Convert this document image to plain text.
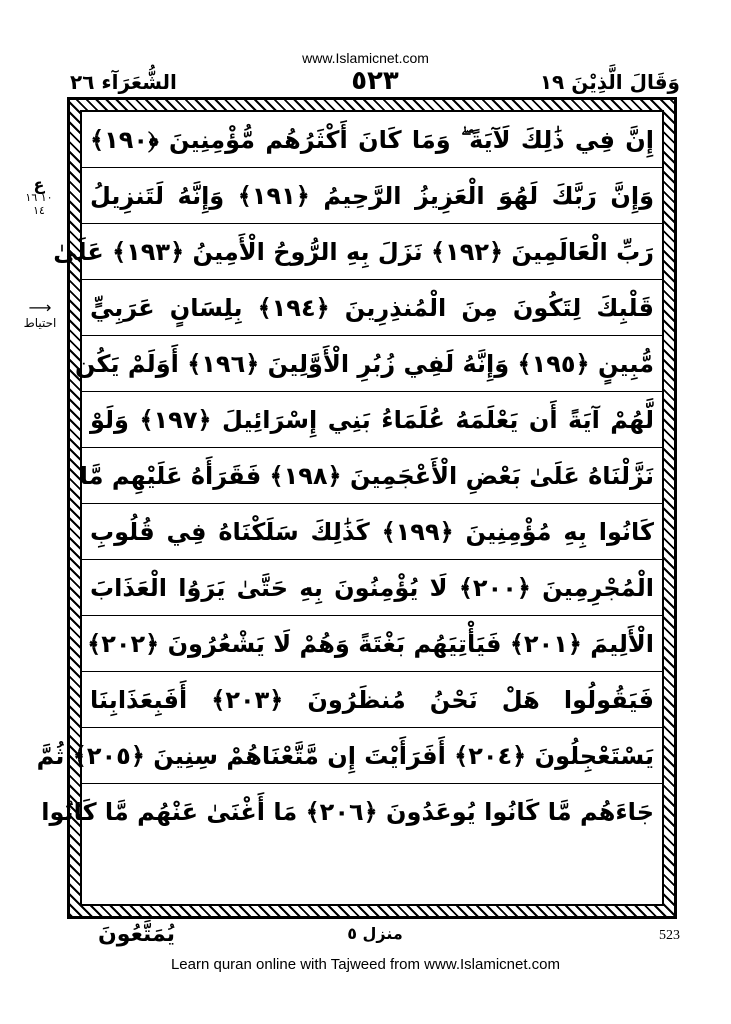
www.Islamicnet.com
الشُّعَرَآء ٢٦	٥٢٣	وَقَالَ الَّذِيْنَ ١٩
ع
١٠ ١٦ ١٤
⟶
احتیاط
إِنَّ فِي ذَٰلِكَ لَآيَةً ۖ وَمَا كَانَ أَكْثَرُهُم مُّؤْمِنِينَ ﴿١٩٠﴾
وَإِنَّ رَبَّكَ لَهُوَ الْعَزِيزُ الرَّحِيمُ ﴿١٩١﴾ وَإِنَّهُ لَتَنزِيلُ
رَبِّ الْعَالَمِينَ ﴿١٩٢﴾ نَزَلَ بِهِ الرُّوحُ الْأَمِينُ ﴿١٩٣﴾ عَلَىٰ
قَلْبِكَ لِتَكُونَ مِنَ الْمُنذِرِينَ ﴿١٩٤﴾ بِلِسَانٍ عَرَبِيٍّ
مُّبِينٍ ﴿١٩٥﴾ وَإِنَّهُ لَفِي زُبُرِ الْأَوَّلِينَ ﴿١٩٦﴾ أَوَلَمْ يَكُن
لَّهُمْ آيَةً أَن يَعْلَمَهُ عُلَمَاءُ بَنِي إِسْرَائِيلَ ﴿١٩٧﴾ وَلَوْ
نَزَّلْنَاهُ عَلَىٰ بَعْضِ الْأَعْجَمِينَ ﴿١٩٨﴾ فَقَرَأَهُ عَلَيْهِم مَّا
كَانُوا بِهِ مُؤْمِنِينَ ﴿١٩٩﴾ كَذَٰلِكَ سَلَكْنَاهُ فِي قُلُوبِ
الْمُجْرِمِينَ ﴿٢٠٠﴾ لَا يُؤْمِنُونَ بِهِ حَتَّىٰ يَرَوُا الْعَذَابَ
الْأَلِيمَ ﴿٢٠١﴾ فَيَأْتِيَهُم بَغْتَةً وَهُمْ لَا يَشْعُرُونَ ﴿٢٠٢﴾
فَيَقُولُوا هَلْ نَحْنُ مُنظَرُونَ ﴿٢٠٣﴾ أَفَبِعَذَابِنَا
يَسْتَعْجِلُونَ ﴿٢٠٤﴾ أَفَرَأَيْتَ إِن مَّتَّعْنَاهُمْ سِنِينَ ﴿٢٠٥﴾ ثُمَّ
جَاءَهُم مَّا كَانُوا يُوعَدُونَ ﴿٢٠٦﴾ مَا أَغْنَىٰ عَنْهُم مَّا كَانُوا
يُمَتَّعُونَ	منزل ٥	523
Learn quran online with Tajweed from www.Islamicnet.com
